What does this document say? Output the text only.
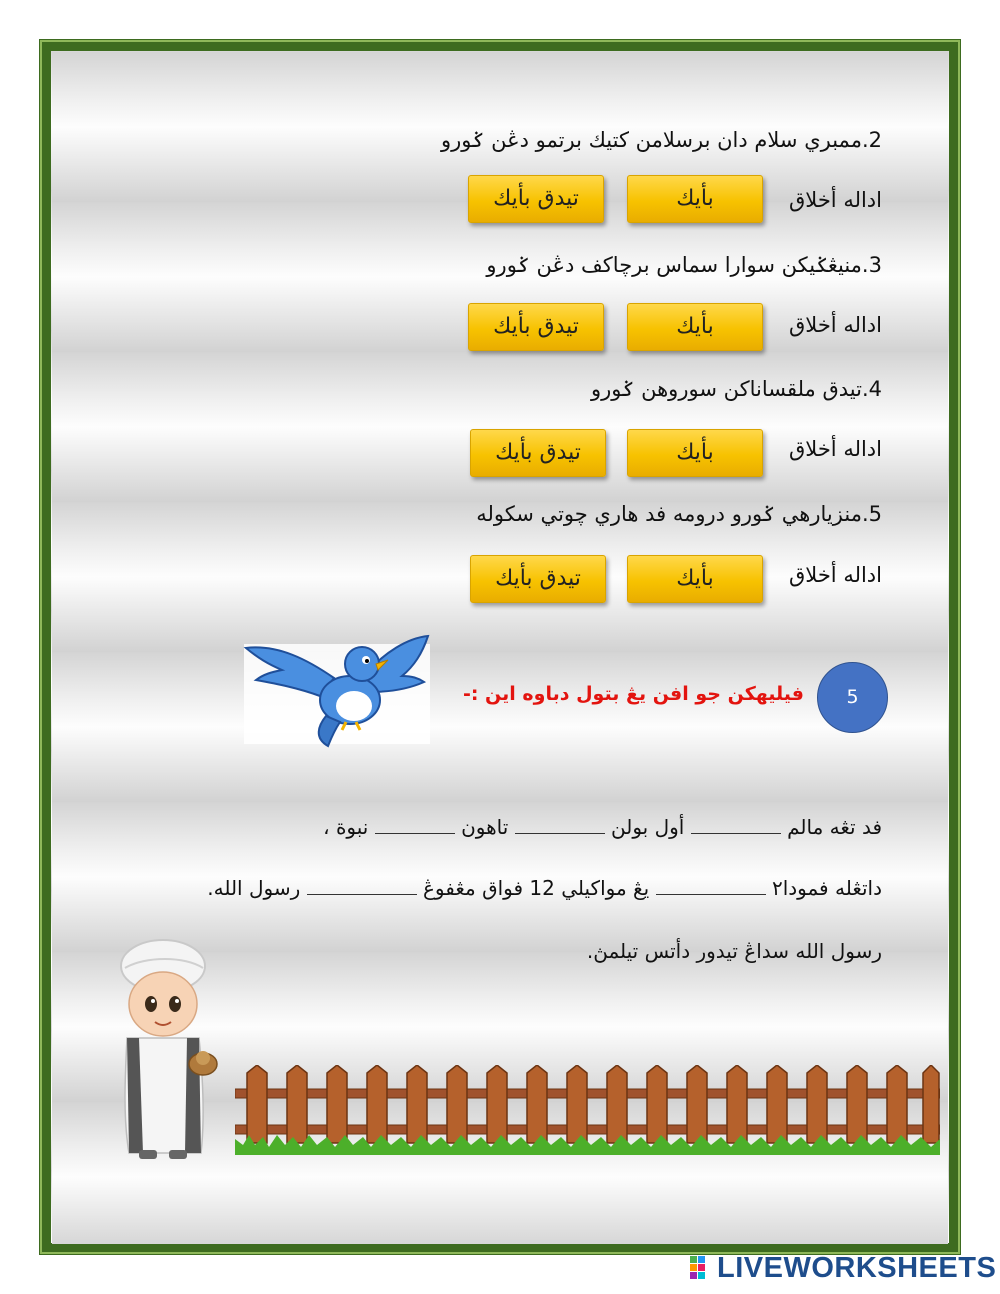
2.ممبري سلام دان برسلامن كتيك برتمو دڠن ݢورو
اداله أخلاق
بأيك
تيدق بأيك
3.منيڠݢيكن سوارا سماس برچاكف دڠن ݢورو
اداله أخلاق
بأيك
تيدق بأيك
4.تيدق ملقساناكن سوروهن ݢورو
اداله أخلاق
بأيك
تيدق بأيك
5.منزيارهي ݢورو درومه فد هاري چوتي سكوله
اداله أخلاق
بأيك
تيدق بأيك
5
فيليهكن جو افن يڠ بتول دباوه اين :-
فد تڠه مالم  أول بولن  تاهون  نبوة ،
داتڠله فمودا٢  يڠ مواكيلي 12 فواق مڠفوڠ  رسول الله.
رسول الله سداڠ تيدور دأتس تيلمڽ.
LIVEWORKSHEETS
